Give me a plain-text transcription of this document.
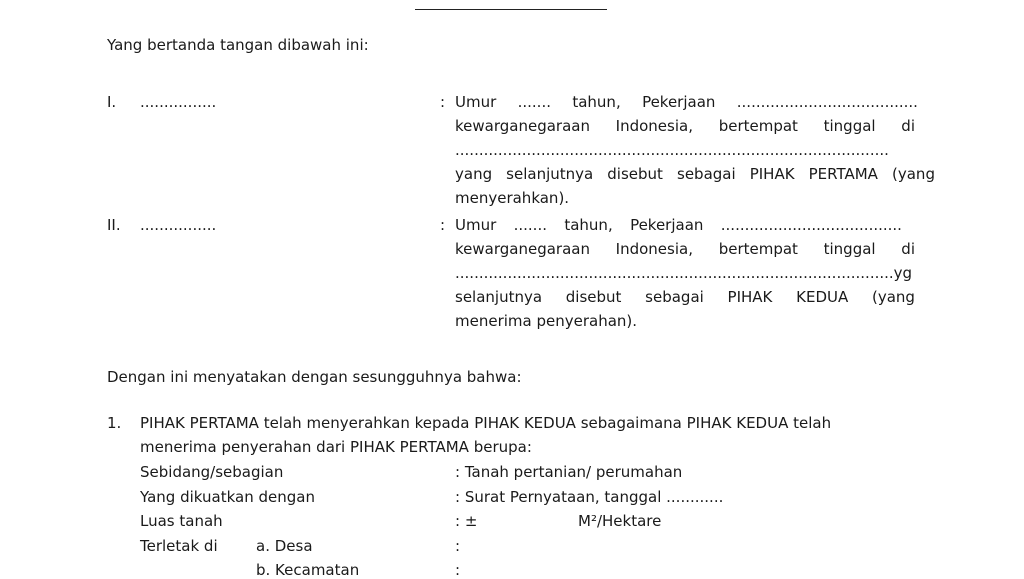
Yang bertanda tangan dibawah ini:
I. ................	: Umur ....... tahun, Pekerjaan ......................................
kewarganegaraan Indonesia, bertempat tinggal di
...........................................................................................
yang selanjutnya disebut sebagai PIHAK PERTAMA (yang
menyerahkan).
II. ................	: Umur ....... tahun, Pekerjaan ......................................
kewarganegaraan Indonesia, bertempat tinggal di
............................................................................................yg
selanjutnya disebut sebagai PIHAK KEDUA (yang
menerima penyerahan).
Dengan ini menyatakan dengan sesungguhnya bahwa:
1. PIHAK PERTAMA telah menyerahkan kepada PIHAK KEDUA sebagaimana PIHAK KEDUA telah
menerima penyerahan dari PIHAK PERTAMA berupa:
Sebidang/sebagian	: Tanah pertanian/ perumahan
Yang dikuatkan dengan	: Surat Pernyataan, tanggal ............
Luas tanah	: ±	M²/Hektare
Terletak di	a. Desa	:
b. Kecamatan	:
